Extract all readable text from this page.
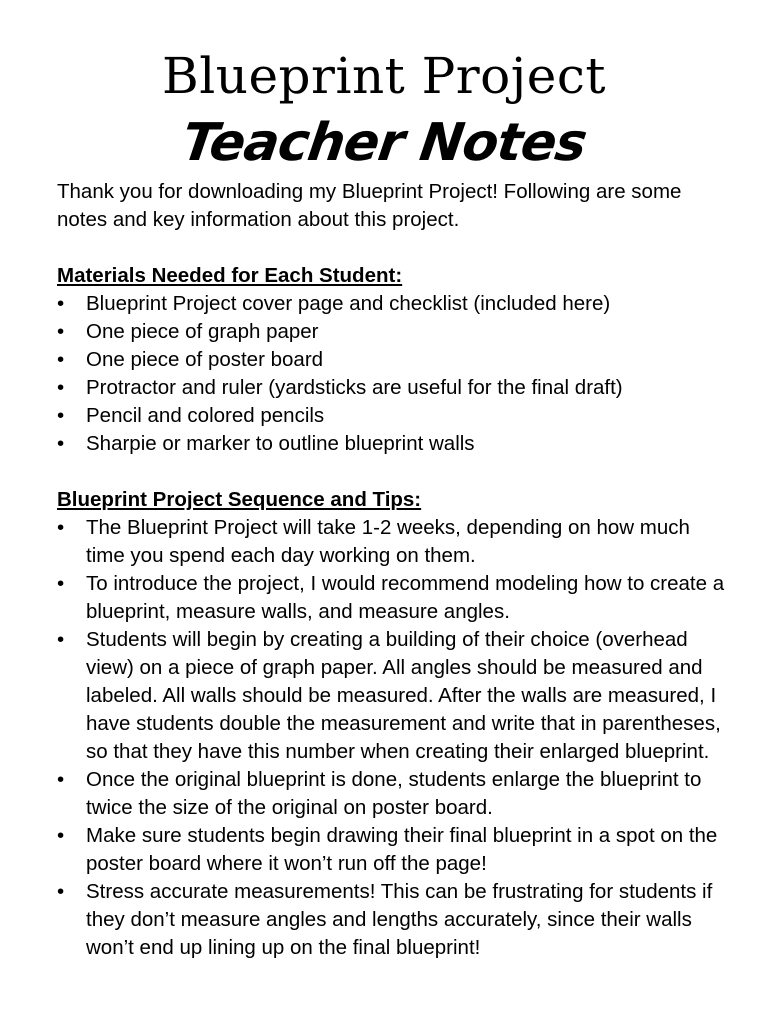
Blueprint Project
Teacher Notes

Thank you for downloading my Blueprint Project! Following are some notes and key information about this project.

Materials Needed for Each Student:

• Blueprint Project cover page and checklist (included here)
• One piece of graph paper
• One piece of poster board
• Protractor and ruler (yardsticks are useful for the final draft)
• Pencil and colored pencils
• Sharpie or marker to outline blueprint walls

Blueprint Project Sequence and Tips:

• The Blueprint Project will take 1-2 weeks, depending on how much time you spend each day working on them.
• To introduce the project, I would recommend modeling how to create a blueprint, measure walls, and measure angles.
• Students will begin by creating a building of their choice (overhead view) on a piece of graph paper. All angles should be measured and labeled. All walls should be measured. After the walls are measured, I have students double the measurement and write that in parentheses, so that they have this number when creating their enlarged blueprint.
• Once the original blueprint is done, students enlarge the blueprint to twice the size of the original on poster board.
• Make sure students begin drawing their final blueprint in a spot on the poster board where it won’t run off the page!
• Stress accurate measurements! This can be frustrating for students if they don’t measure angles and lengths accurately, since their walls won’t end up lining up on the final blueprint!
